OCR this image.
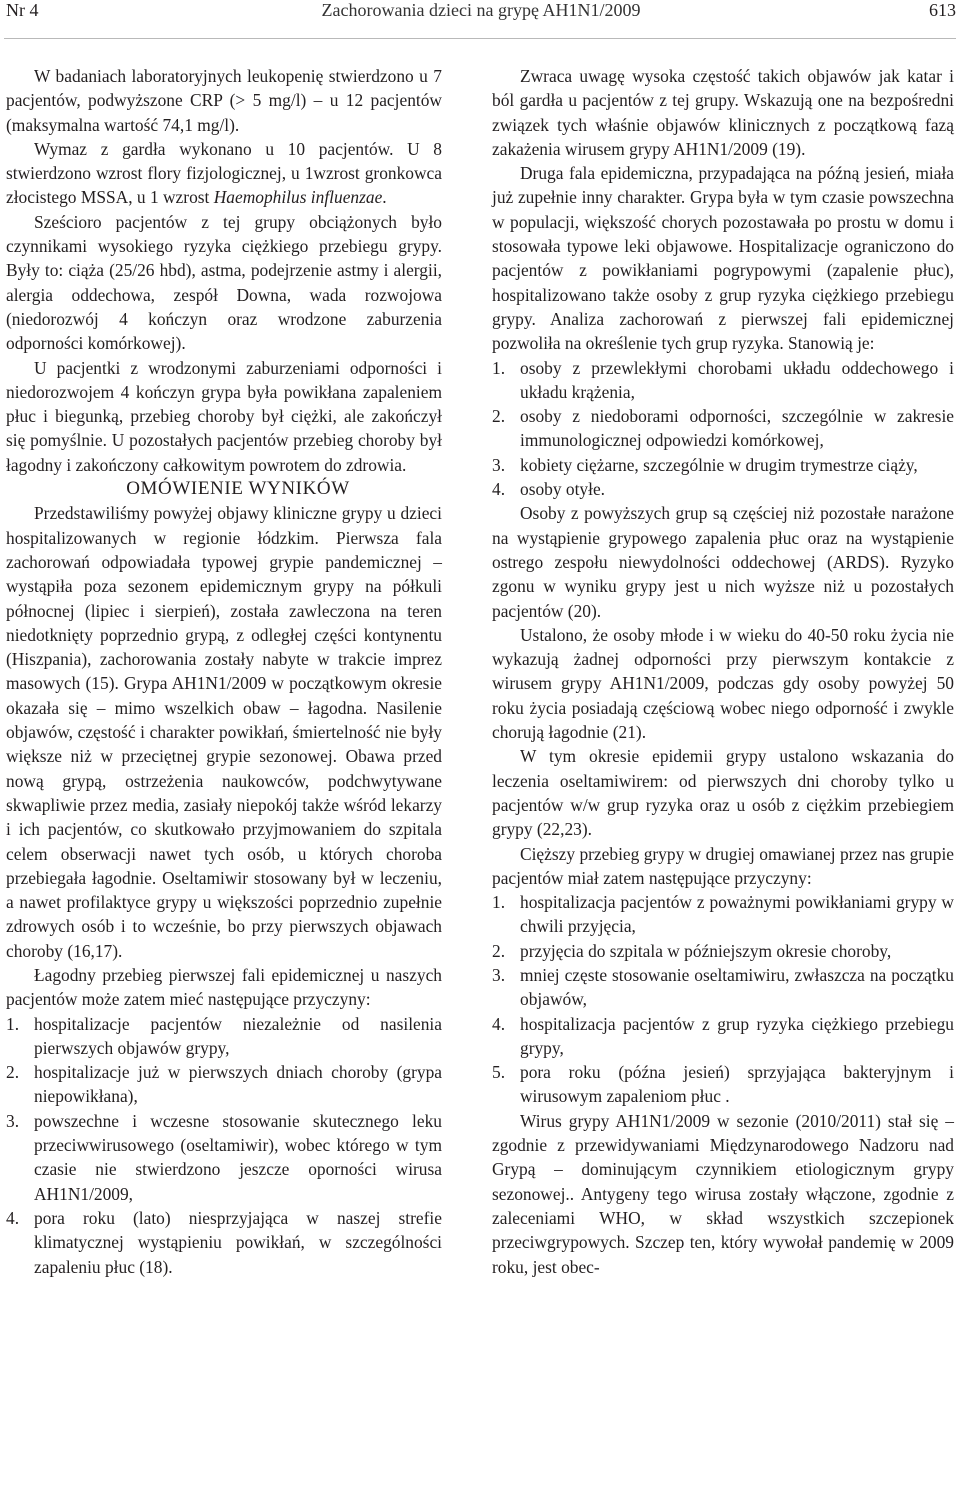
Nr 4	Zachorowania dzieci na grypę AH1N1/2009	613

W badaniach laboratoryjnych leukopenię stwierdzono u 7 pacjentów, podwyższone CRP (> 5 mg/l) – u 12 pacjentów (maksymalna wartość 74,1 mg/l).

Wymaz z gardła wykonano u 10 pacjentów. U 8 stwierdzono wzrost flory fizjologicznej, u 1wzrost gronkowca złocistego MSSA, u 1 wzrost Haemophilus influenzae.

Sześcioro pacjentów z tej grupy obciążonych było czynnikami wysokiego ryzyka ciężkiego przebiegu grypy. Były to: ciąża (25/26 hbd), astma, podejrzenie astmy i alergii, alergia oddechowa, zespół Downa, wada rozwojowa (niedorozwój 4 kończyn oraz wrodzone zaburzenia odporności komórkowej).

U pacjentki z wrodzonymi zaburzeniami odporności i niedorozwojem 4 kończyn grypa była powikłana zapaleniem płuc i biegunką, przebieg choroby był ciężki, ale zakończył się pomyślnie. U pozostałych pacjentów przebieg choroby był łagodny i zakończony całkowitym powrotem do zdrowia.

OMÓWIENIE WYNIKÓW

Przedstawiliśmy powyżej objawy kliniczne grypy u dzieci hospitalizowanych w regionie łódzkim. Pierwsza fala zachorowań odpowiadała typowej grypie pandemicznej – wystąpiła poza sezonem epidemicznym grypy na półkuli północnej (lipiec i sierpień), została zawleczona na teren niedotknięty poprzednio grypą, z odległej części kontynentu (Hiszpania), zachorowania zostały nabyte w trakcie imprez masowych (15). Grypa AH1N1/2009 w początkowym okresie okazała się – mimo wszelkich obaw – łagodna. Nasilenie objawów, częstość i charakter powikłań, śmiertelność nie były większe niż w przeciętnej grypie sezonowej. Obawa przed nową grypą, ostrzeżenia naukowców, podchwytywane skwapliwie przez media, zasiały niepokój także wśród lekarzy i ich pacjentów, co skutkowało przyjmowaniem do szpitala celem obserwacji nawet tych osób, u których choroba przebiegała łagodnie. Oseltamiwir stosowany był w leczeniu, a nawet profilaktyce grypy u większości poprzednio zupełnie zdrowych osób i to wcześnie, bo przy pierwszych objawach choroby (16,17).

Łagodny przebieg pierwszej fali epidemicznej u naszych pacjentów może zatem mieć następujące przyczyny:

1. hospitalizacje pacjentów niezależnie od nasilenia pierwszych objawów grypy,
2. hospitalizacje już w pierwszych dniach choroby (grypa niepowikłana),
3. powszechne i wczesne stosowanie skutecznego leku przeciwwirusowego (oseltamiwir), wobec którego w tym czasie nie stwierdzono jeszcze oporności wirusa AH1N1/2009,
4. pora roku (lato) niesprzyjająca w naszej strefie klimatycznej wystąpieniu powikłań, w szczególności zapaleniu płuc (18).

Zwraca uwagę wysoka częstość takich objawów jak katar i ból gardła u pacjentów z tej grupy. Wskazują one na bezpośredni związek tych właśnie objawów klinicznych z początkową fazą zakażenia wirusem grypy AH1N1/2009 (19).

Druga fala epidemiczna, przypadająca na późną jesień, miała już zupełnie inny charakter. Grypa była w tym czasie powszechna w populacji, większość chorych pozostawała po prostu w domu i stosowała typowe leki objawowe. Hospitalizacje ograniczono do pacjentów z powikłaniami pogrypowymi (zapalenie płuc), hospitalizowano także osoby z grup ryzyka ciężkiego przebiegu grypy. Analiza zachorowań z pierwszej fali epidemicznej pozwoliła na określenie tych grup ryzyka. Stanowią je:

1. osoby z przewlekłymi chorobami układu oddechowego i układu krążenia,
2. osoby z niedoborami odporności, szczególnie w zakresie immunologicznej odpowiedzi komórkowej,
3. kobiety ciężarne, szczególnie w drugim trymestrze ciąży,
4. osoby otyłe.

Osoby z powyższych grup są częściej niż pozostałe narażone na wystąpienie grypowego zapalenia płuc oraz na wystąpienie ostrego zespołu niewydolności oddechowej (ARDS). Ryzyko zgonu w wyniku grypy jest u nich wyższe niż u pozostałych pacjentów (20).

Ustalono, że osoby młode i w wieku do 40-50 roku życia nie wykazują żadnej odporności przy pierwszym kontakcie z wirusem grypy AH1N1/2009, podczas gdy osoby powyżej 50 roku życia posiadają częściową wobec niego odporność i zwykle chorują łagodnie (21).

W tym okresie epidemii grypy ustalono wskazania do leczenia oseltamiwirem: od pierwszych dni choroby tylko u pacjentów w/w grup ryzyka oraz u osób z ciężkim przebiegiem grypy (22,23).

Cięższy przebieg grypy w drugiej omawianej przez nas grupie pacjentów miał zatem następujące przyczyny:

1. hospitalizacja pacjentów z poważnymi powikłaniami grypy w chwili przyjęcia,
2. przyjęcia do szpitala w późniejszym okresie choroby,
3. mniej częste stosowanie oseltamiwiru, zwłaszcza na początku objawów,
4. hospitalizacja pacjentów z grup ryzyka ciężkiego przebiegu grypy,
5. pora roku (późna jesień) sprzyjająca bakteryjnym i wirusowym zapaleniom płuc .

Wirus grypy AH1N1/2009 w sezonie (2010/2011) stał się – zgodnie z przewidywaniami Międzynarodowego Nadzoru nad Grypą – dominującym czynnikiem etiologicznym grypy sezonowej.. Antygeny tego wirusa zostały włączone, zgodnie z zaleceniami WHO, w skład wszystkich szczepionek przeciwgrypowych. Szczep ten, który wywołał pandemię w 2009 roku, jest obec-
